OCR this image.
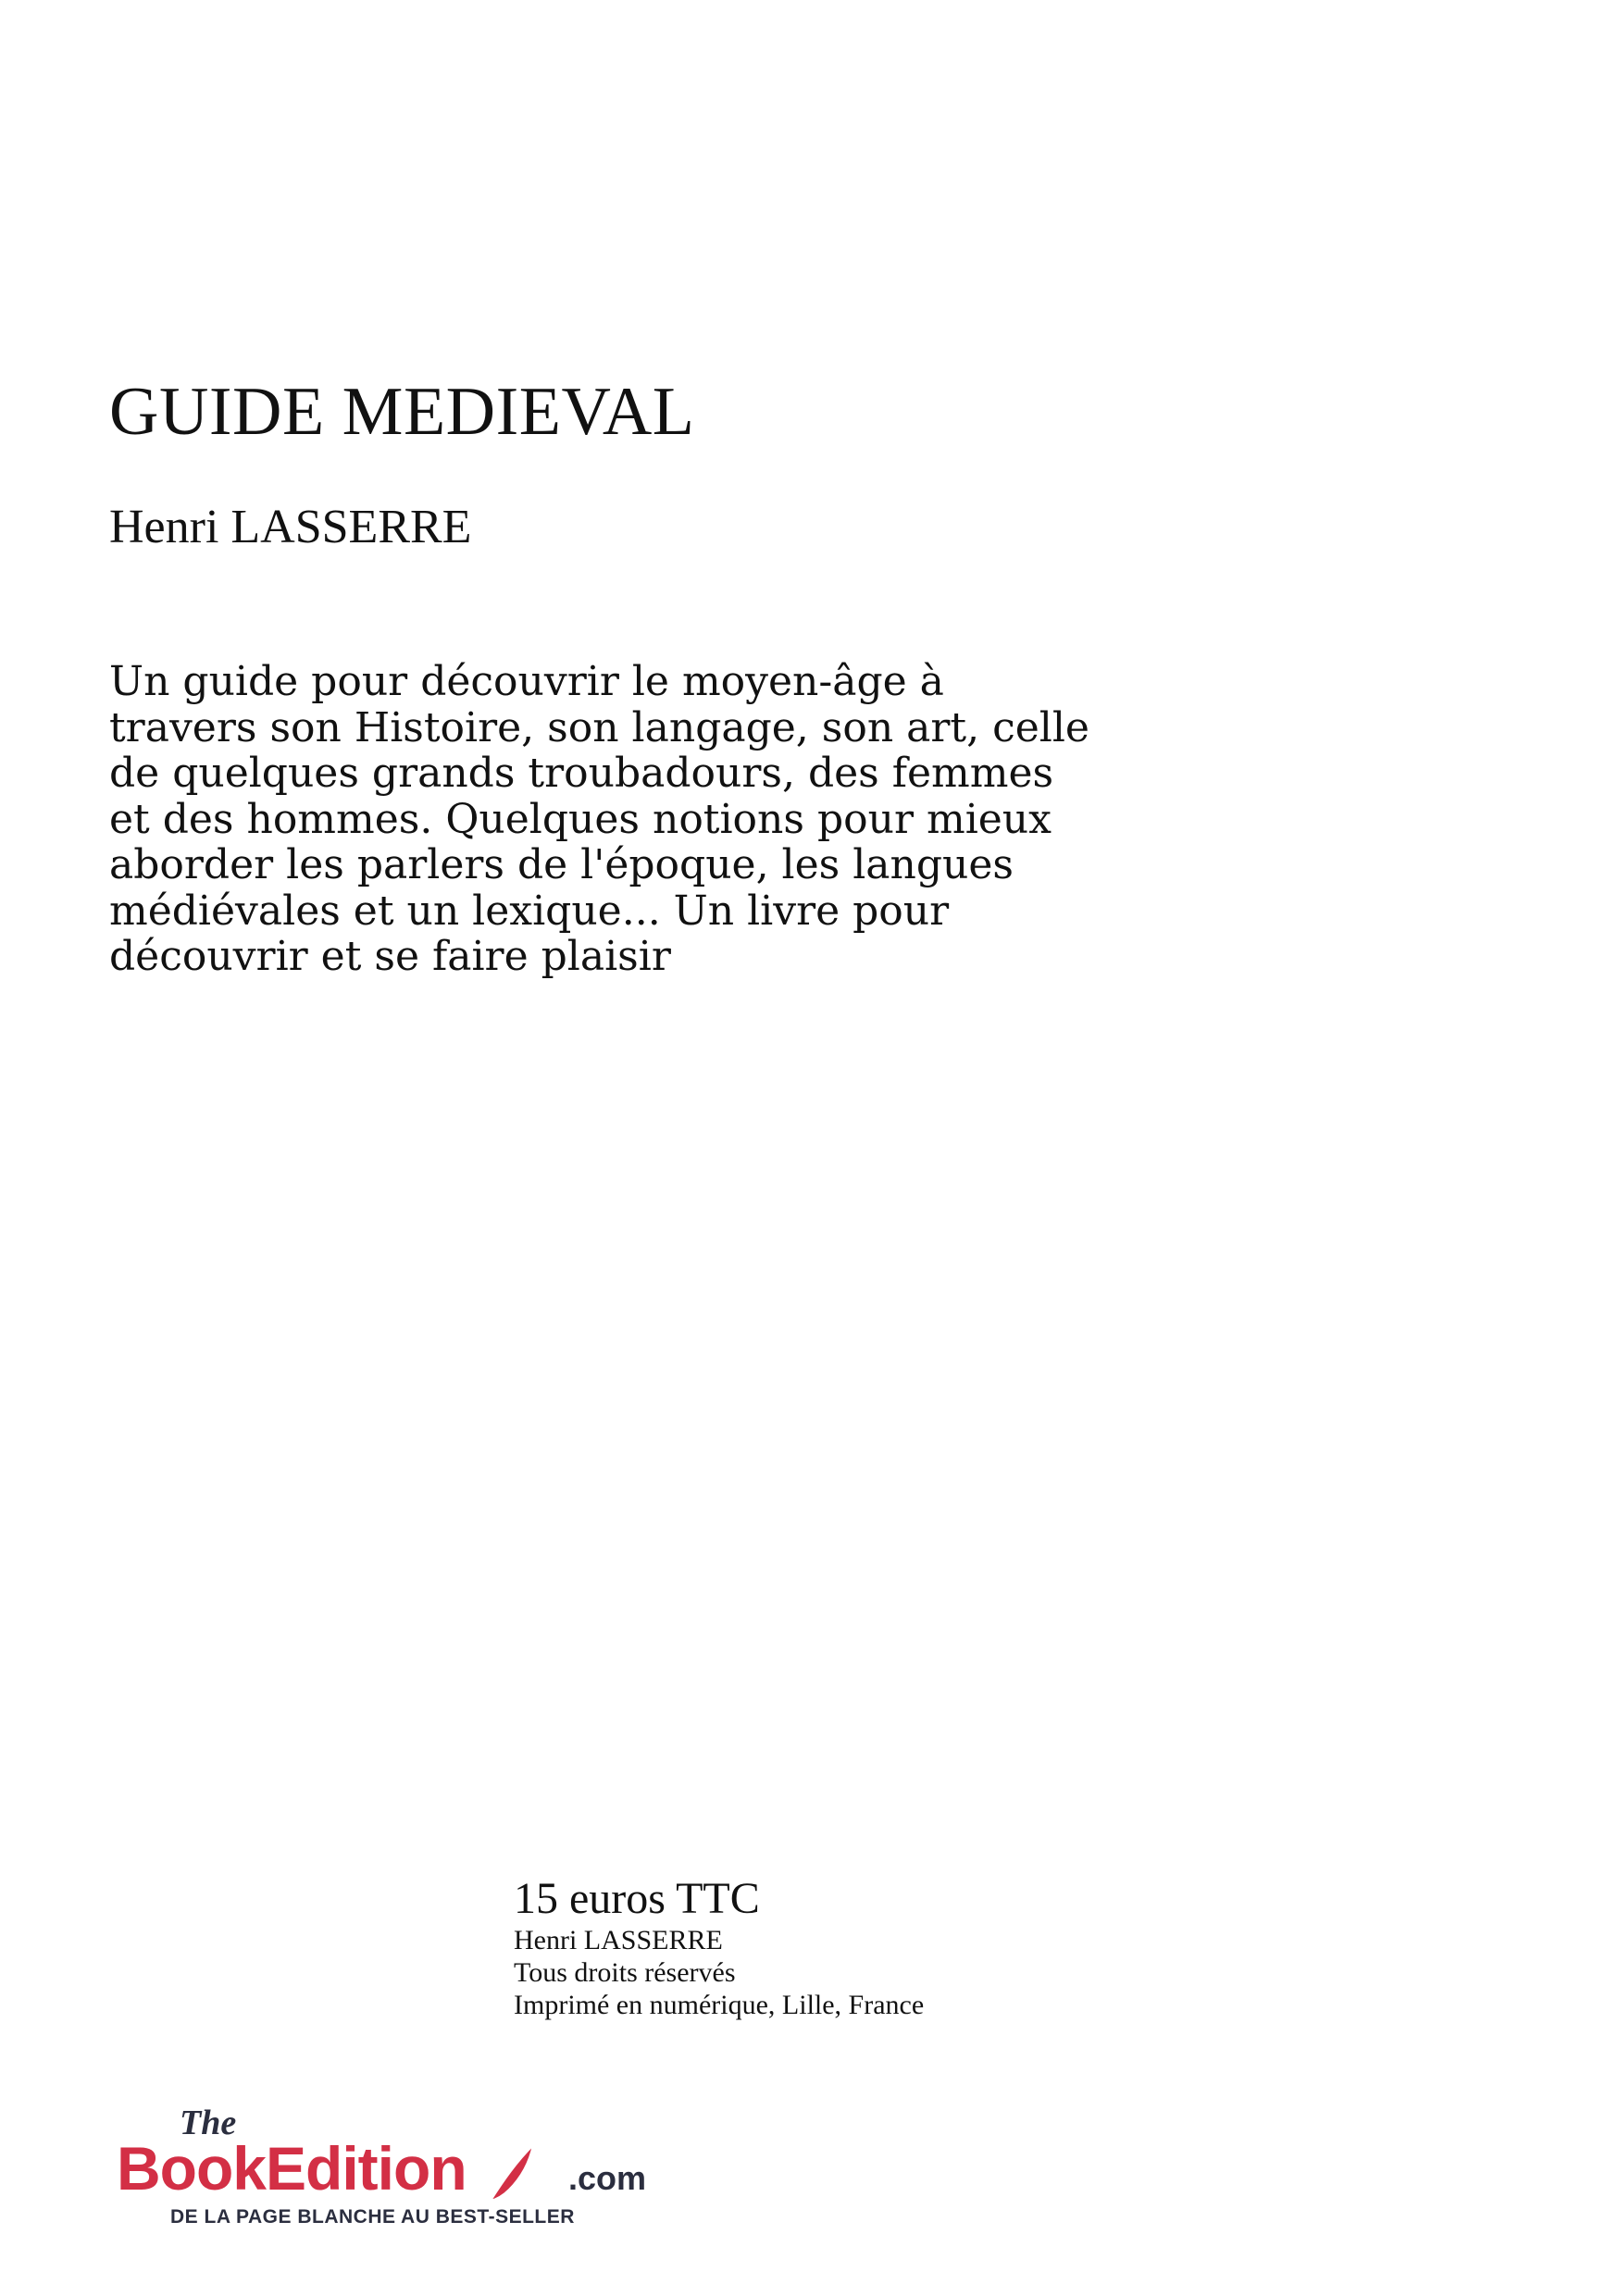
GUIDE MEDIEVAL
Henri LASSERRE
Un guide pour découvrir le moyen-âge à
travers son Histoire, son langage, son art, celle
de quelques grands troubadours, des femmes
et des hommes. Quelques notions pour mieux
aborder les parlers de l'époque, les langues
médiévales et un lexique... Un livre pour
découvrir et se faire plaisir
15 euros TTC
Henri LASSERRE
Tous droits réservés
Imprimé en numérique, Lille, France
The
BookEdition	.com
DE LA PAGE BLANCHE AU BEST-SELLER
